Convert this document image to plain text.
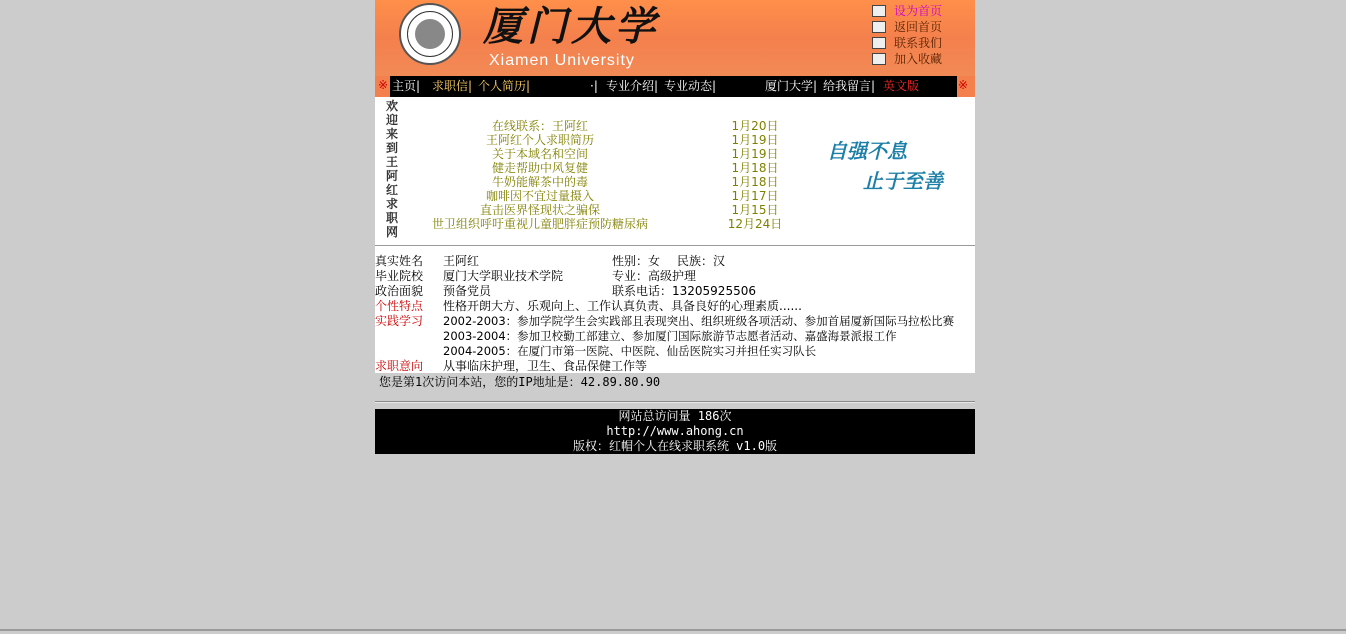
厦门大学
Xiamen University
设为首页
返回首页
联系我们
加入收藏
※ 主页| 求职信| 个人简历|	·| 专业介绍| 专业动态|	厦门大学| 给我留言| 英文版	※
欢
迎
来
到
王
阿
红
求
职
网
在线联系：王阿红	1月20日
王阿红个人求职简历	1月19日
关于本域名和空间	1月19日
健走帮助中风复健	1月18日
牛奶能解茶中的毒	1月18日
咖啡因不宜过量摄入	1月17日
直击医界怪现状之骗保	1月15日
世卫组织呼吁重视儿童肥胖症预防糖尿病	12月24日
自强不息
止于至善
真实姓名 王阿红	性别：女 民族：汉
毕业院校 厦门大学职业技术学院	专业：高级护理
政治面貌 预备党员	联系电话：13205925506
个性特点 性格开朗大方、乐观向上、工作认真负责、具备良好的心理素质......
实践学习 2002-2003：参加学院学生会实践部且表现突出、组织班级各项活动、参加首届厦新国际马拉松比赛
2003-2004：参加卫校勤工部建立、参加厦门国际旅游节志愿者活动、嘉盛海景派报工作
2004-2005：在厦门市第一医院、中医院、仙岳医院实习并担任实习队长
求职意向 从事临床护理，卫生、食品保健工作等
您是第1次访问本站，您的IP地址是：42.89.80.90
网站总访问量 186次
http://www.ahong.cn
版权：红帽个人在线求职系统 v1.0版
